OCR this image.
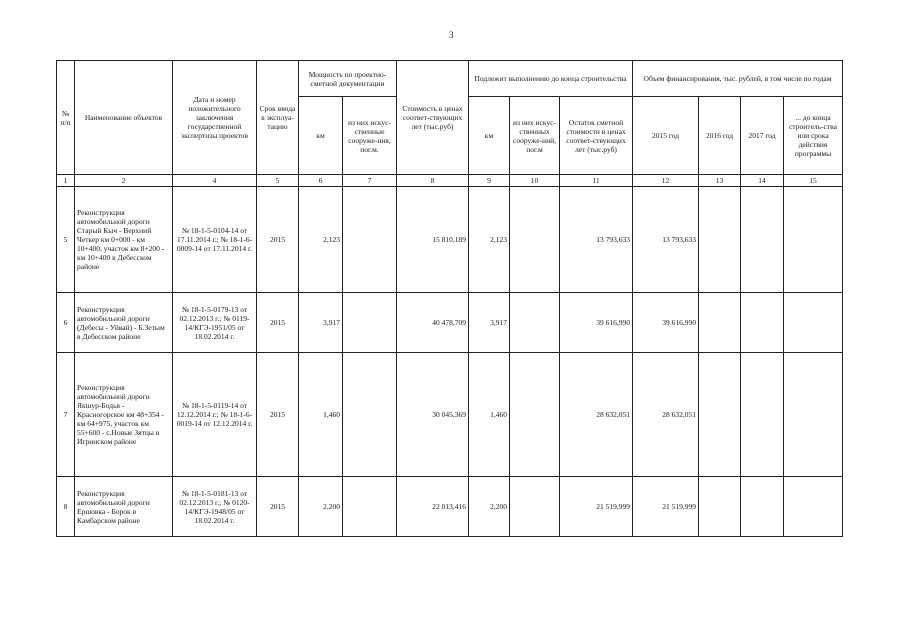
3
№ п/п	Наименование объектов	Дата и номер положительного заключения государственной экспертизы проектов	Срок ввода в эксплуа-тацию	Мощность по проектно-сметной документации		Стоимость в ценах соответ-ствующих лет (тыс.руб)	Подлежит выполнению до конца строительства			Объем финансирования, тыс. рублей, в том числе по годам			
				км	из них искус-ственные сооруже-ния, пог.м.		км	из них искус-ственных сооруже-ний, пог.м	Остаток сметной стоимости в ценах соответ-ствующих лет (тыс.руб)	2015 год	2016 год	2017 год	... до конца строитель-ства или срока действия программы
1	2	4	5	6	7	8	9	10	11	12	13	14	15
5	Реконструкция автомобильной дороги Старый Кыч - Верхний Четкер км 0+000 - км 10+400, участок км 8+200 - км 10+400 в Дебесском районе	№ 18-1-5-0104-14 от 17.11.2014 г.; № 18-1-6-0009-14 от 17.11.2014 г.	2015	2,123		15 810,189	2,123		13 793,633	13 793,633			
6	Реконструкция автомобильной дороги (Дебесы - Уйвай) - Б.Зетым в Дебесском районе	№ 18-1-5-0179-13 от 02.12.2013 г.; № 0119-14/КГЭ-1951/05 от 18.02.2014 г.	2015	3,917		40 478,709	3,917		39 616,990	39 616,990			
7	Реконструкция автомобильной дороги Якшур-Бодья - Красногорское км 48+354 - км 64+975, участок км 55+600 - с.Новые Зятцы в Игринском районе	№ 18-1-5-0119-14 от 12.12.2014 г.; № 18-1-6-0019-14 от 12.12.2014 г.	2015	1,460		30 045,369	1,460		28 632,051	28 632,051			
8	Реконструкция автомобильной дороги Ершовка - Борок в Камбарском районе	№ 18-1-5-0181-13 от 02.12.2013 г.; № 0120-14/КГЭ-1948/05 от 18.02.2014 г.	2015	2,200		22 013,416	2,200		21 519,999	21 519,999			
